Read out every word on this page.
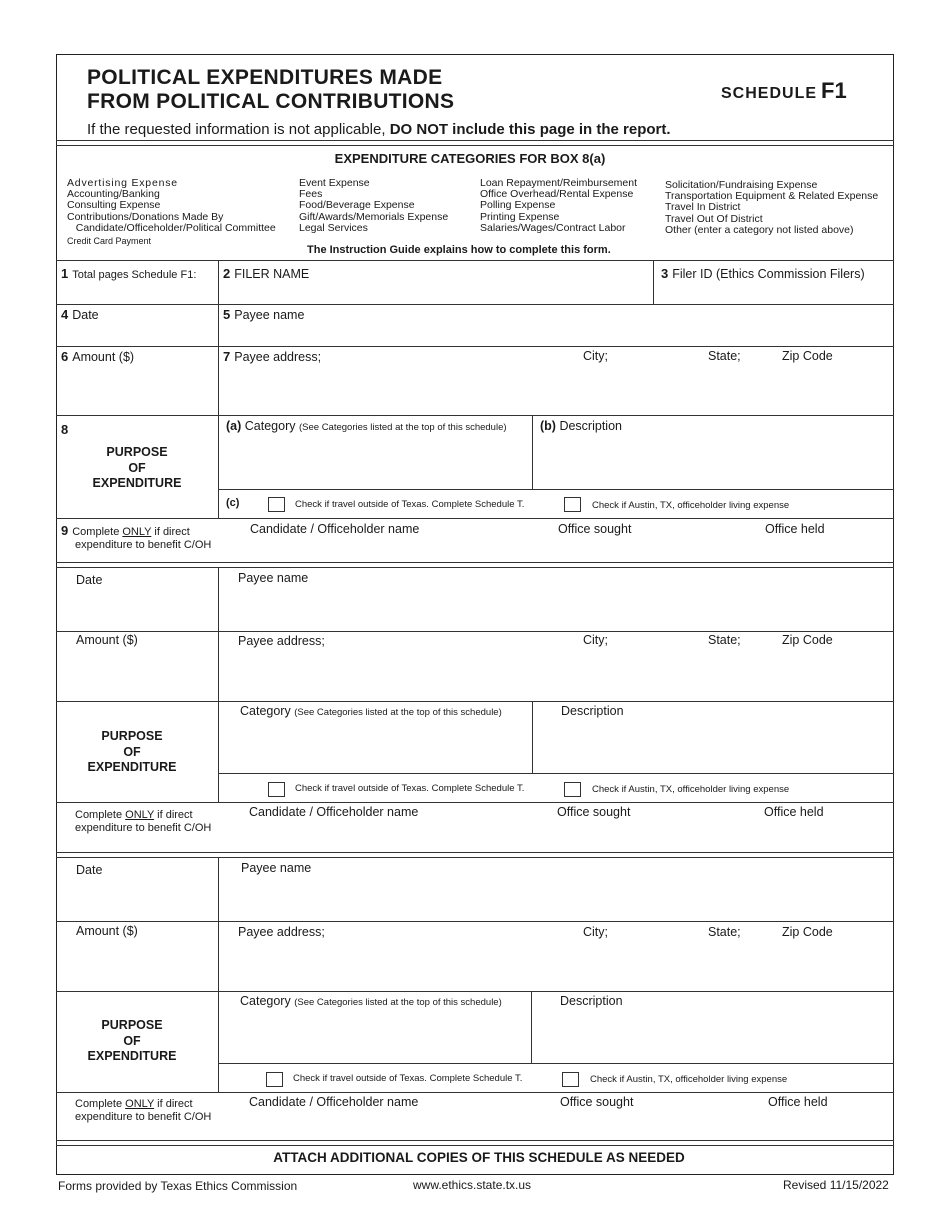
POLITICAL EXPENDITURES MADE
FROM POLITICAL CONTRIBUTIONS	SCHEDULE F1
If the requested information is not applicable, DO NOT include this page in the report.
EXPENDITURE CATEGORIES FOR BOX 8(a)
Advertising Expense
Accounting/Banking
Consulting Expense
Contributions/Donations Made By
Candidate/Officeholder/Political Committee
Credit Card Payment
Event Expense
Fees
Food/Beverage Expense
Gift/Awards/Memorials Expense
Legal Services
Loan Repayment/Reimbursement
Office Overhead/Rental Expense
Polling Expense
Printing Expense
Salaries/Wages/Contract Labor
Solicitation/Fundraising Expense
Transportation Equipment & Related Expense
Travel In District
Travel Out Of District
Other (enter a category not listed above)
The Instruction Guide explains how to complete this form.
1 Total pages Schedule F1: 2 FILER NAME	3 Filer ID (Ethics Commission Filers)
4 Date	5 Payee name
6 Amount ($)	7 Payee address;	City;	State;	Zip Code
8
PURPOSE
OF
EXPENDITURE
(a) Category (See Categories listed at the top of this schedule)	(b) Description
(c)	Check if travel outside of Texas. Complete Schedule T.	Check if Austin, TX, officeholder living expense
9 Complete ONLY if direct
expenditure to benefit C/OH
Candidate / Officeholder name	Office sought	Office held
Date	Payee name
Amount ($)	Payee address;	City;	State;	Zip Code
PURPOSE
OF
EXPENDITURE
Category (See Categories listed at the top of this schedule)	Description
Check if travel outside of Texas. Complete Schedule T.	Check if Austin, TX, officeholder living expense
Complete ONLY if direct
expenditure to benefit C/OH
Candidate / Officeholder name	Office sought	Office held
Date	Payee name
Amount ($)	Payee address;	City;	State;	Zip Code
PURPOSE
OF
EXPENDITURE
Category (See Categories listed at the top of this schedule)	Description
Check if travel outside of Texas. Complete Schedule T.	Check if Austin, TX, officeholder living expense
Complete ONLY if direct
expenditure to benefit C/OH
Candidate / Officeholder name	Office sought	Office held
ATTACH ADDITIONAL COPIES OF THIS SCHEDULE AS NEEDED
Forms provided by Texas Ethics Commission	www.ethics.state.tx.us	Revised 11/15/2022
